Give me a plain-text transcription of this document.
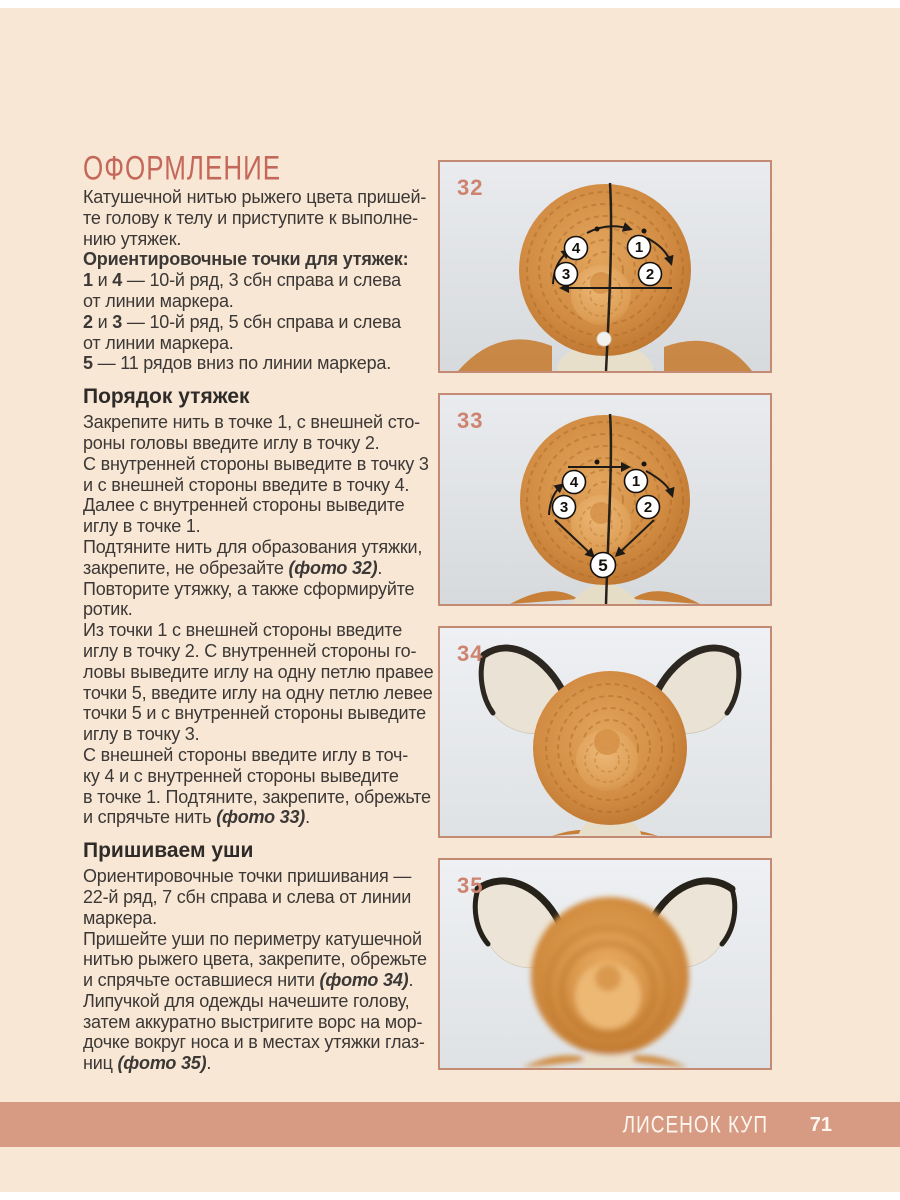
ОФОРМЛЕНИЕ
Катушечной нитью рыжего цвета пришей-
те голову к телу и приступите к выполне-
нию утяжек.
Ориентировочные точки для утяжек:
1 и 4 — 10-й ряд, 3 сбн справа и слева
от линии маркера.
2 и 3 — 10-й ряд, 5 сбн справа и слева
от линии маркера.
5 — 11 рядов вниз по линии маркера.
Порядок утяжек
Закрепите нить в точке 1, с внешней сто-
роны головы введите иглу в точку 2.
С внутренней стороны выведите в точку 3
и с внешней стороны введите в точку 4.
Далее с внутренней стороны выведите
иглу в точке 1.
Подтяните нить для образования утяжки,
закрепите, не обрезайте (фото 32).
Повторите утяжку, а также сформируйте
ротик.
Из точки 1 с внешней стороны введите
иглу в точку 2. С внутренней стороны го-
ловы выведите иглу на одну петлю правее
точки 5, введите иглу на одну петлю левее
точки 5 и с внутренней стороны выведите
иглу в точку 3.
С внешней стороны введите иглу в точ-
ку 4 и с внутренней стороны выведите
в точке 1. Подтяните, закрепите, обрежьте
и спрячьте нить (фото 33).
Пришиваем уши
Ориентировочные точки пришивания —
22-й ряд, 7 сбн справа и слева от линии
маркера.
Пришейте уши по периметру катушечной
нитью рыжего цвета, закрепите, обрежьте
и спрячьте оставшиеся нити (фото 34).
Липучкой для одежды начешите голову,
затем аккуратно выстригите ворс на мор-
дочке вокруг носа и в местах утяжки глаз-
ниц (фото 35).
4	1
3	2
32
4	1
3	2
5
33
34
35
ЛИСЕНОК КУП 71
